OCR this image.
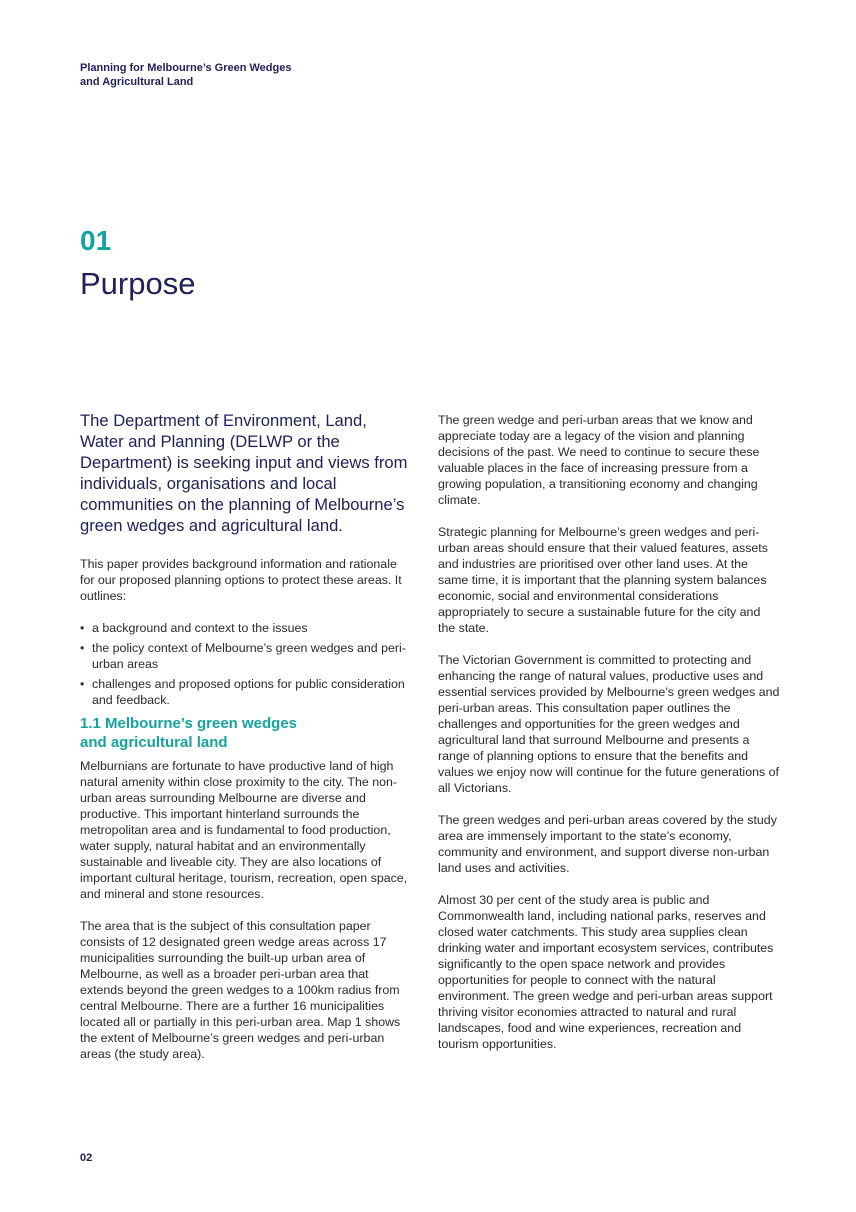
Planning for Melbourne’s Green Wedges and Agricultural Land
01
Purpose

The Department of Environment, Land, Water and Planning (DELWP or the Department) is seeking input and views from individuals, organisations and local communities on the planning of Melbourne’s green wedges and agricultural land.

This paper provides background information and rationale for our proposed planning options to protect these areas. It outlines:

• a background and context to the issues
• the policy context of Melbourne’s green wedges and peri-urban areas
• challenges and proposed options for public consideration and feedback.
1.1 Melbourne’s green wedges and agricultural land

Melburnians are fortunate to have productive land of high natural amenity within close proximity to the city. The non-urban areas surrounding Melbourne are diverse and productive. This important hinterland surrounds the metropolitan area and is fundamental to food production, water supply, natural habitat and an environmentally sustainable and liveable city. They are also locations of important cultural heritage, tourism, recreation, open space, and mineral and stone resources.

The area that is the subject of this consultation paper consists of 12 designated green wedge areas across 17 municipalities surrounding the built-up urban area of Melbourne, as well as a broader peri-urban area that extends beyond the green wedges to a 100km radius from central Melbourne. There are a further 16 municipalities located all or partially in this peri-urban area. Map 1 shows the extent of Melbourne’s green wedges and peri-urban areas (the study area).

The green wedge and peri-urban areas that we know and appreciate today are a legacy of the vision and planning decisions of the past. We need to continue to secure these valuable places in the face of increasing pressure from a growing population, a transitioning economy and changing climate.

Strategic planning for Melbourne’s green wedges and peri-urban areas should ensure that their valued features, assets and industries are prioritised over other land uses. At the same time, it is important that the planning system balances economic, social and environmental considerations appropriately to secure a sustainable future for the city and the state.

The Victorian Government is committed to protecting and enhancing the range of natural values, productive uses and essential services provided by Melbourne’s green wedges and peri-urban areas. This consultation paper outlines the challenges and opportunities for the green wedges and agricultural land that surround Melbourne and presents a range of planning options to ensure that the benefits and values we enjoy now will continue for the future generations of all Victorians.

The green wedges and peri-urban areas covered by the study area are immensely important to the state’s economy, community and environment, and support diverse non-urban land uses and activities.

Almost 30 per cent of the study area is public and Commonwealth land, including national parks, reserves and closed water catchments. This study area supplies clean drinking water and important ecosystem services, contributes significantly to the open space network and provides opportunities for people to connect with the natural environment. The green wedge and peri-urban areas support thriving visitor economies attracted to natural and rural landscapes, food and wine experiences, recreation and tourism opportunities.

02
